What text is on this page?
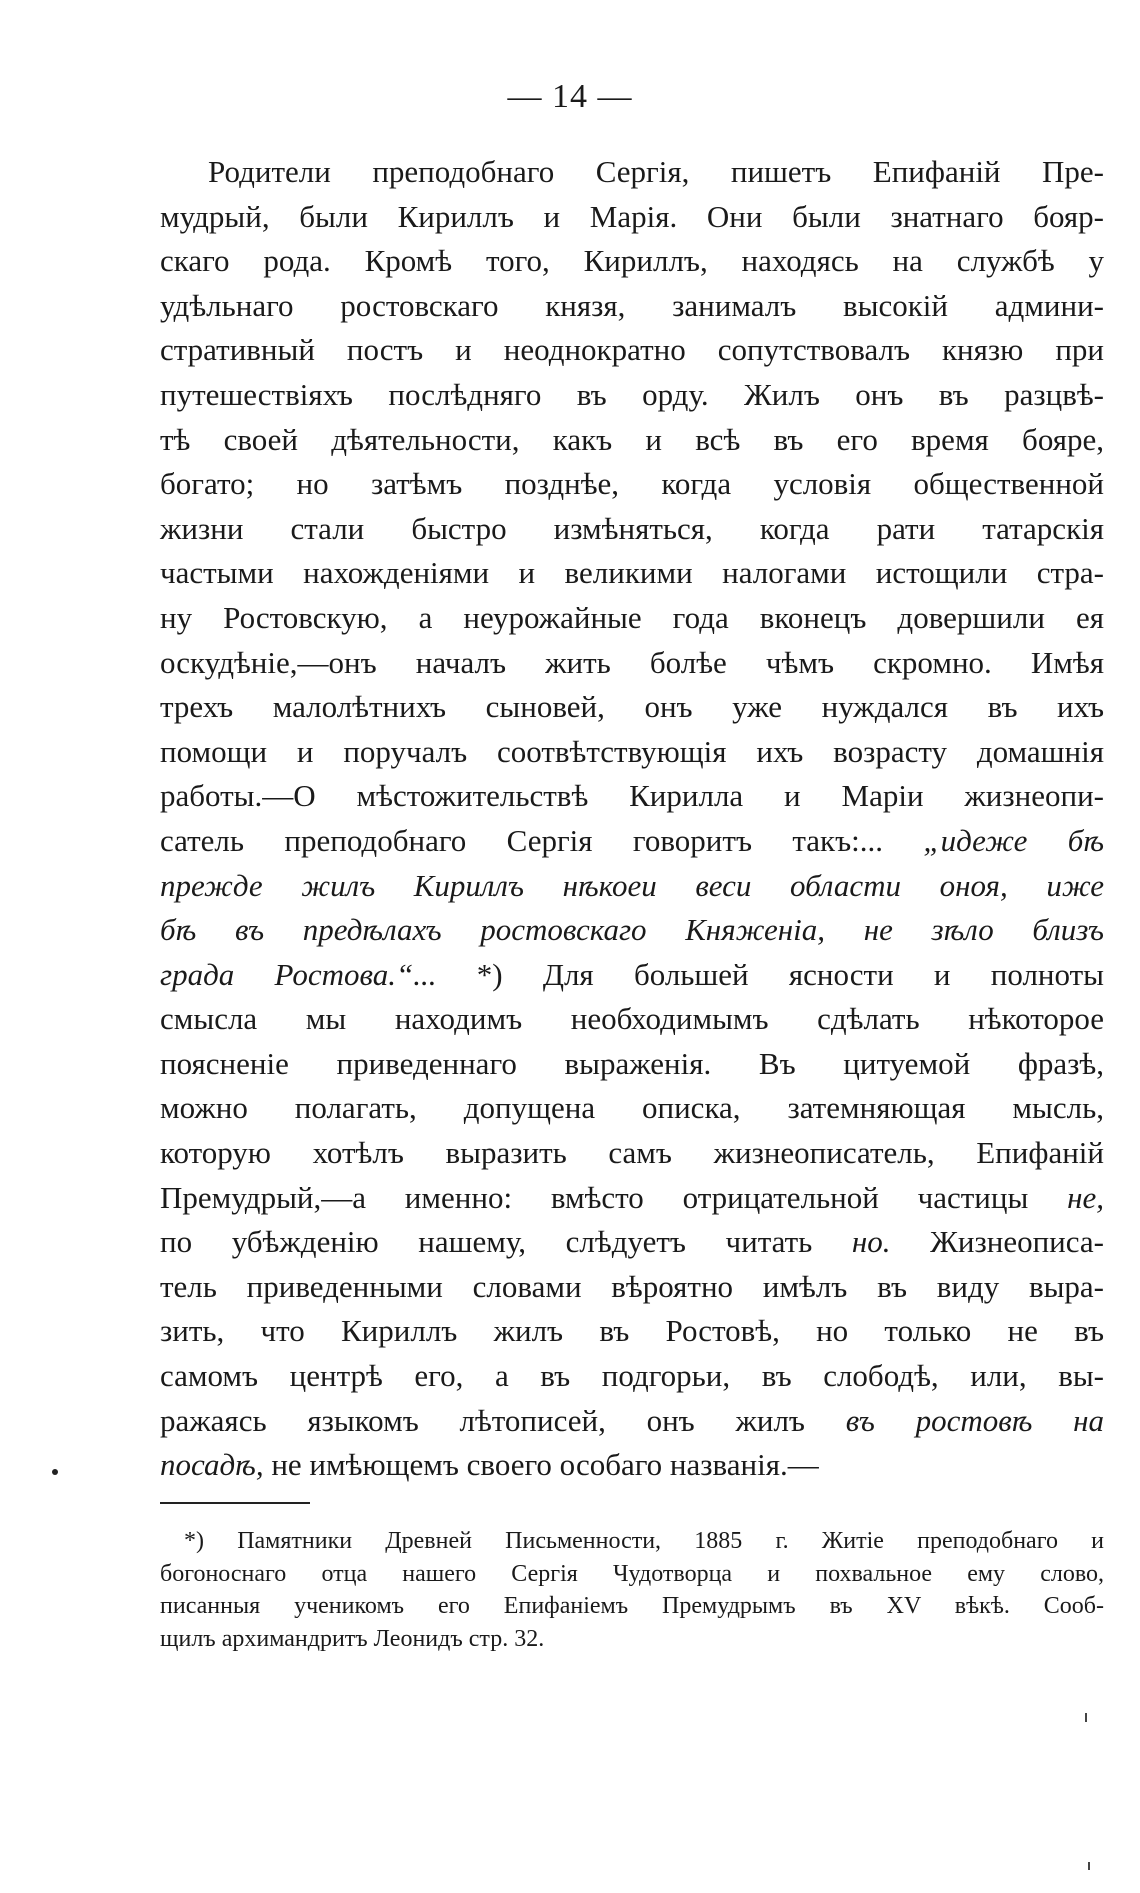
— 14 —
Родители преподобнаго Сергія, пишетъ Епифаній Пре-
мудрый, были Кириллъ и Марія. Они были знатнаго бояр-
скаго рода. Кромѣ того, Кириллъ, находясь на службѣ у
удѣльнаго ростовскаго князя, занималъ высокій админи-
стративный постъ и неоднократно сопутствовалъ князю при
путешествіяхъ послѣдняго въ орду. Жилъ онъ въ разцвѣ-
тѣ своей дѣятельности, какъ и всѣ въ его время бояре,
богато; но затѣмъ позднѣе, когда условія общественной
жизни стали быстро измѣняться, когда рати татарскія
частыми нахожденіями и великими налогами истощили стра-
ну Ростовскую, а неурожайные года вконецъ довершили ея
оскудѣніе,—онъ началъ жить болѣе чѣмъ скромно. Имѣя
трехъ малолѣтнихъ сыновей, онъ уже нуждался въ ихъ
помощи и поручалъ соотвѣтствующія ихъ возрасту домашнія
работы.—О мѣстожительствѣ Кирилла и Маріи жизнеопи-
сатель преподобнаго Сергія говоритъ такъ:... „идеже бѣ
прежде жилъ Кириллъ нѣкоеи веси области оноя, иже
бѣ въ предѣлахъ ростовскаго Княженіа, не зѣло близъ
града Ростова.“... *) Для большей ясности и полноты
смысла мы находимъ необходимымъ сдѣлать нѣкоторое
поясненіе приведеннаго выраженія. Въ цитуемой фразѣ,
можно полагать, допущена описка, затемняющая мысль,
которую хотѣлъ выразить самъ жизнеописатель, Епифаній
Премудрый,—а именно: вмѣсто отрицательной частицы не,
по убѣжденію нашему, слѣдуетъ читать но. Жизнеописа-
тель приведенными словами вѣроятно имѣлъ въ виду выра-
зить, что Кириллъ жилъ въ Ростовѣ, но только не въ
самомъ центрѣ его, а въ подгорьи, въ слободѣ, или, вы-
ражаясь языкомъ лѣтописей, онъ жилъ въ ростовѣ на
посадѣ, не имѣющемъ своего особаго названія.—
*) Памятники Древней Письменности, 1885 г. Житіе преподобнаго и
богоноснаго отца нашего Сергія Чудотворца и похвальное ему слово,
писанныя ученикомъ его Епифаніемъ Премудрымъ въ XV вѣкѣ. Сооб-
щилъ архимандритъ Леонидъ стр. 32.
